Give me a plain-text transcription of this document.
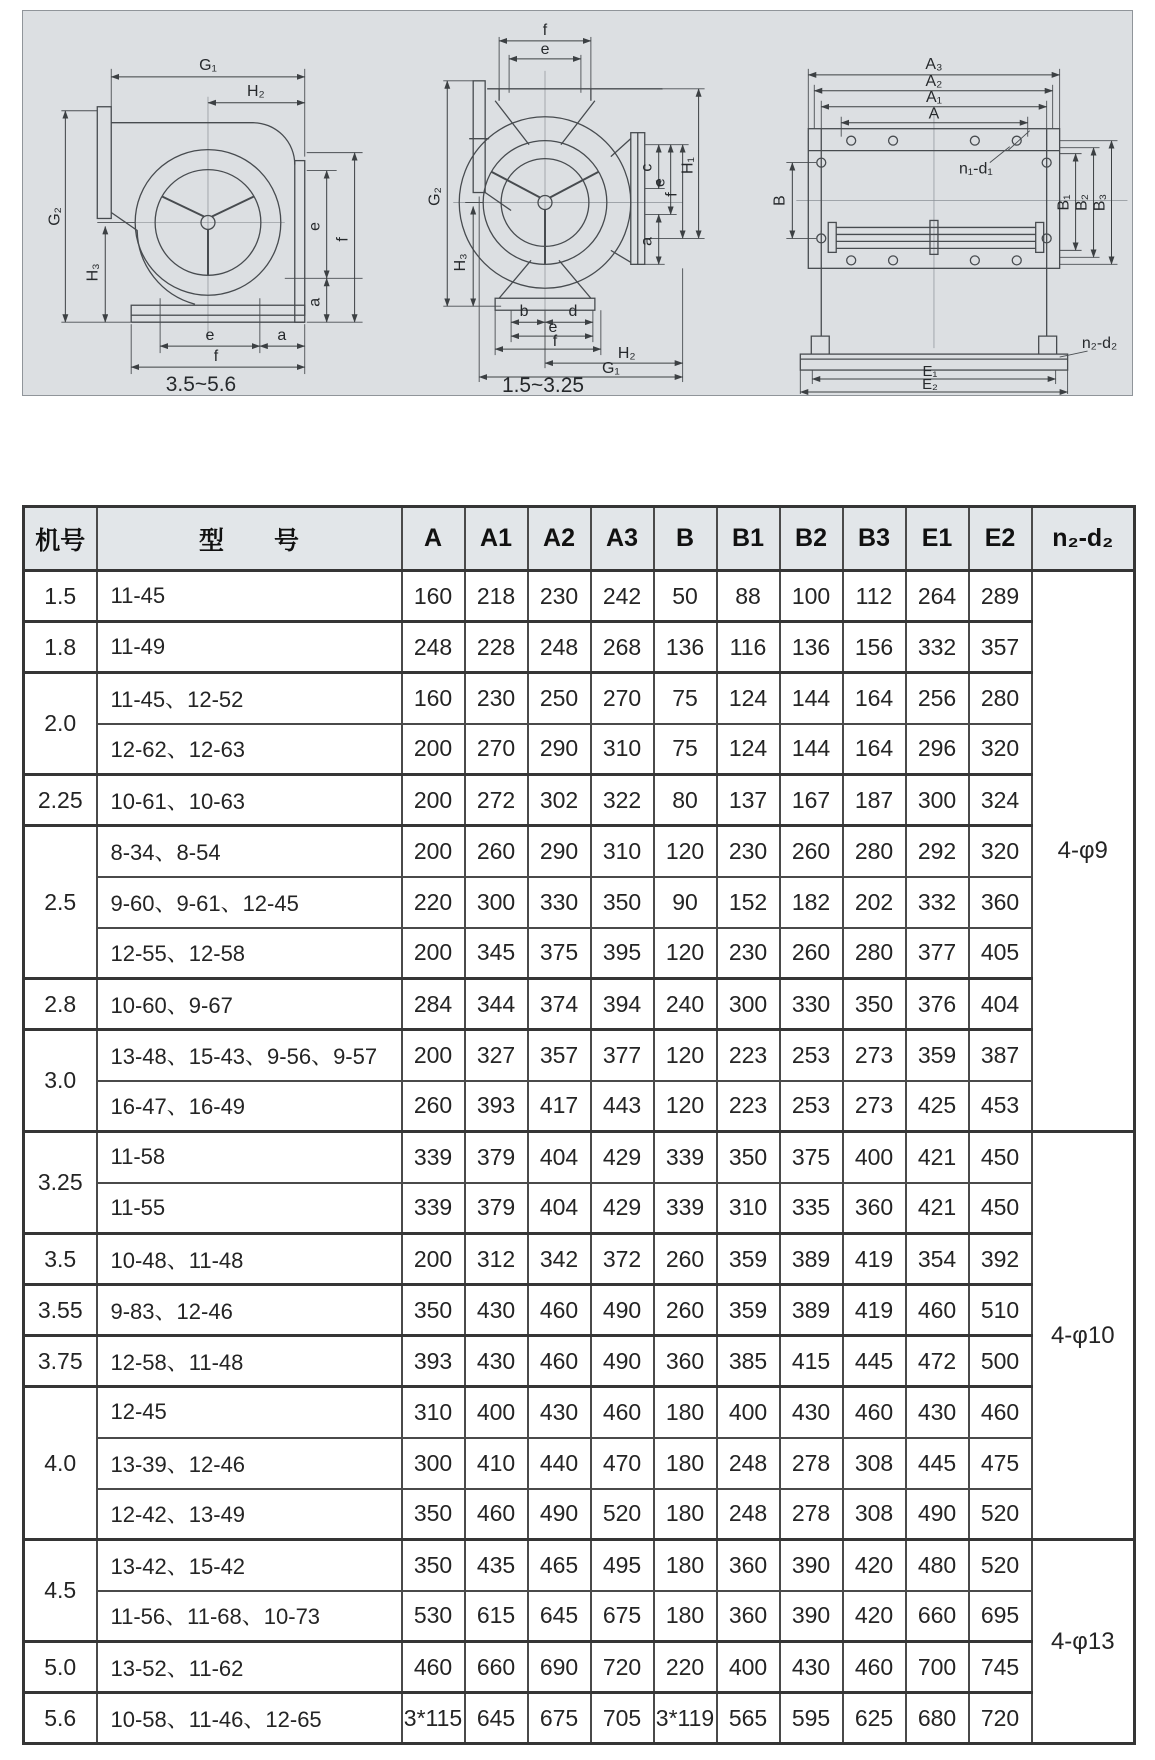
G₁
H₂
G₂
H₃
e
a
f
e	a
f
3.5~5.6
f
e
G₂
H₃
c
e
f
a
H₁
b d
e
f
H₂
G₁
1.5~3.25
A₃
A₂
A₁
A
n₁-d₁
B	B₁ B₂ B₃
n₂-d₂
E₁
E₂
机号	型　　号	A	A1	A2	A3	B	B1	B2	B3	E1	E2	n₂-d₂
1.5	11-45	160	218	230	242	50	88	100	112	264	289	4-φ9
1.8	11-49	248	228	248	268	136	116	136	156	332	357	
2.0	11-45、12-52	160	230	250	270	75	124	144	164	256	280	
	12-62、12-63	200	270	290	310	75	124	144	164	296	320	
2.25	10-61、10-63	200	272	302	322	80	137	167	187	300	324	
2.5	8-34、8-54	200	260	290	310	120	230	260	280	292	320	
	9-60、9-61、12-45	220	300	330	350	90	152	182	202	332	360	
	12-55、12-58	200	345	375	395	120	230	260	280	377	405	
2.8	10-60、9-67	284	344	374	394	240	300	330	350	376	404	
3.0	13-48、15-43、9-56、9-57	200	327	357	377	120	223	253	273	359	387	
	16-47、16-49	260	393	417	443	120	223	253	273	425	453	
3.25	11-58	339	379	404	429	339	350	375	400	421	450	4-φ10
	11-55	339	379	404	429	339	310	335	360	421	450	
3.5	10-48、11-48	200	312	342	372	260	359	389	419	354	392	
3.55	9-83、12-46	350	430	460	490	260	359	389	419	460	510	
3.75	12-58、11-48	393	430	460	490	360	385	415	445	472	500	
4.0	12-45	310	400	430	460	180	400	430	460	430	460	
	13-39、12-46	300	410	440	470	180	248	278	308	445	475	
	12-42、13-49	350	460	490	520	180	248	278	308	490	520	
4.5	13-42、15-42	350	435	465	495	180	360	390	420	480	520	4-φ13
	11-56、11-68、10-73	530	615	645	675	180	360	390	420	660	695	
5.0	13-52、11-62	460	660	690	720	220	400	430	460	700	745	
5.6	10-58、11-46、12-65	3*115	645	675	705	3*119	565	595	625	680	720	
